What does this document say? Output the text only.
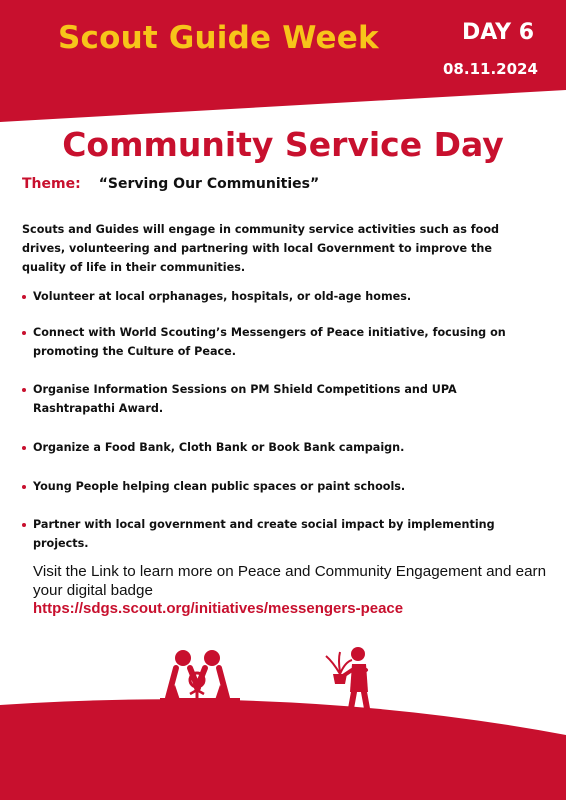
Scout Guide Week	DAY 6
08.11.2024
Community Service Day
Theme: “Serving Our Communities”
Scouts and Guides will engage in community service activities such as food drives, volunteering and partnering with local Government to improve the quality of life in their communities.
Volunteer at local orphanages, hospitals, or old-age homes.
Connect with World Scouting’s Messengers of Peace initiative, focusing on promoting the Culture of Peace.
Organise Information Sessions on PM Shield Competitions and UPA Rashtrapathi Award.
Organize a Food Bank, Cloth Bank or Book Bank campaign.
Young People helping clean public spaces or paint schools.
Partner with local government and create social impact by implementing projects.
Visit the Link to learn more on Peace and Community Engagement and earn your digital badge
https://sdgs.scout.org/initiatives/messengers-peace
